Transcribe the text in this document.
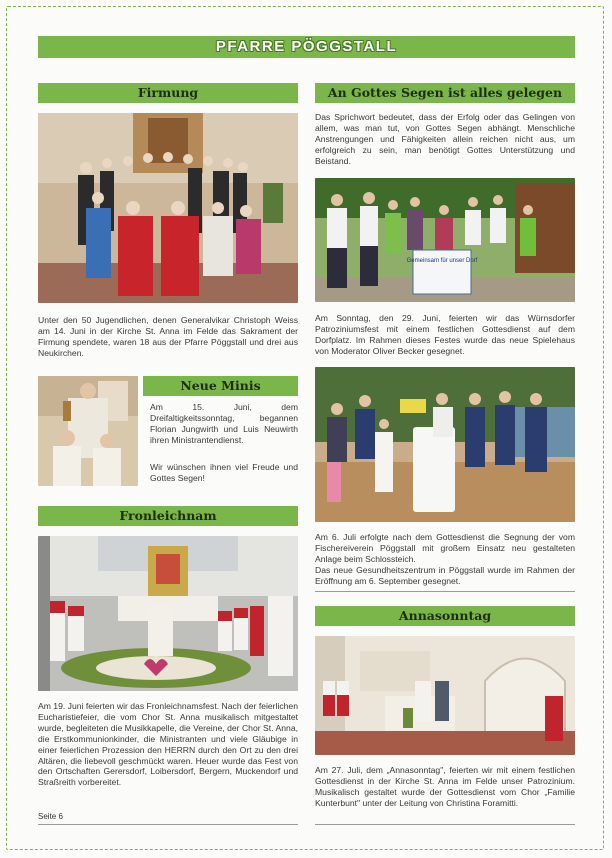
PFARRE PÖGGSTALL
Firmung

Unter den 50 Jugendlichen, denen Generalvikar Christoph Weiss am 14. Juni in der Kirche St. Anna im Felde das Sakrament der Firmung spendete, waren 18 aus der Pfarre Pöggstall und drei aus Neukirchen.

Neue Minis

Am 15. Juni, dem Dreifaltigkeitssonntag, begannen Florian Jungwirth und Luis Neuwirth ihren Ministrantendienst.

Wir wünschen ihnen viel Freude und Gottes Segen!

Fronleichnam

Am 19. Juni feierten wir das Fronleichnamsfest. Nach der feierlichen Eucharistiefeier, die vom Chor St. Anna musikalisch mitgestaltet wurde, begleiteten die Musikkapelle, die Vereine, der Chor St. Anna, die Erstkommunionkinder, die Ministranten und viele Gläubige in einer feierlichen Prozession den HERRN durch den Ort zu den drei Altären, die liebevoll geschmückt waren. Heuer wurde das Fest von den Ortschaften Gerersdorf, Loibersdorf, Bergern, Muckendorf und Straßreith vorbereitet.

Seite 6
An Gottes Segen ist alles gelegen

Das Sprichwort bedeutet, dass der Erfolg oder das Gelingen von allem, was man tut, von Gottes Segen abhängt. Menschliche Anstrengungen und Fähigkeiten allein reichen nicht aus, um erfolgreich zu sein, man benötigt Gottes Unterstützung und Beistand.

Gemeinsam für unser Dorf

Am Sonntag, den 29. Juni, feierten wir das Würnsdorfer Patroziniumsfest mit einem festlichen Gottesdienst auf dem Dorfplatz. Im Rahmen dieses Festes wurde das neue Spielehaus von Moderator Oliver Becker gesegnet.

Am 6. Juli erfolgte nach dem Gottesdienst die Segnung der vom Fischereiverein Pöggstall mit großem Einsatz neu gestalteten Anlage beim Schlossteich.

Das neue Gesundheitszentrum in Pöggstall wurde im Rahmen der Eröffnung am 6. September gesegnet.

Annasonntag

Am 27. Juli, dem „Annasonntag", feierten wir mit einem festlichen Gottesdienst in der Kirche St. Anna im Felde unser Patrozinium. Musikalisch gestaltet wurde der Gottesdienst vom Chor „Familie Kunterbunt" unter der Leitung von Christina Foramitti.
